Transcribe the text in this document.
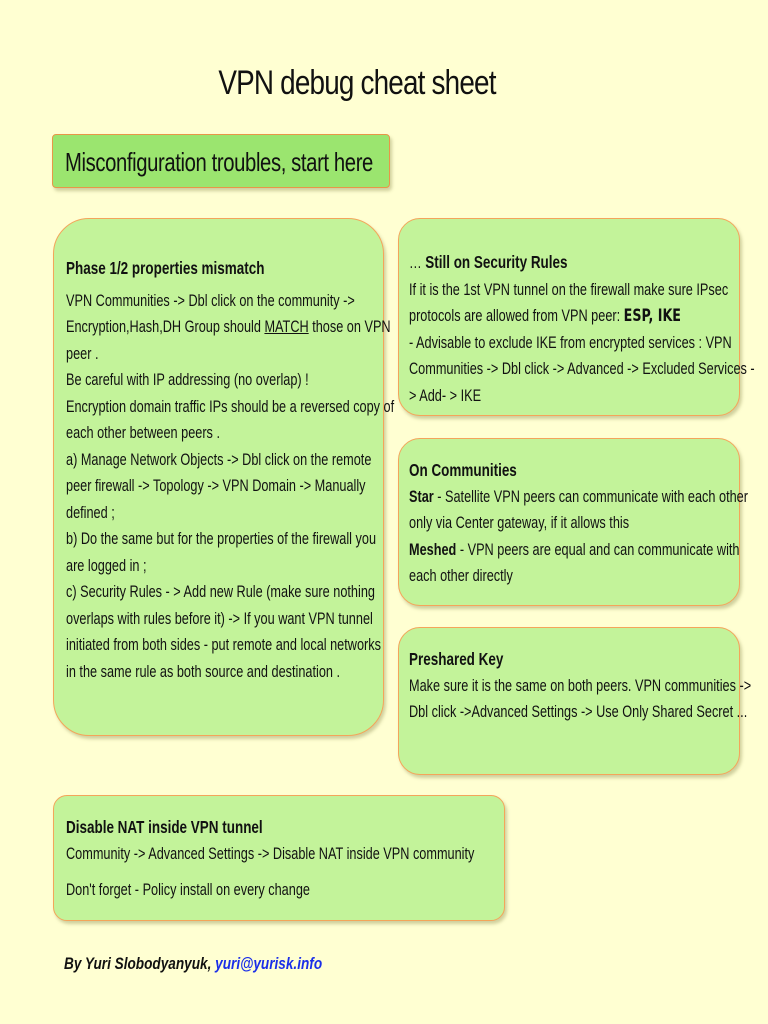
VPN debug cheat sheet
Misconfiguration troubles, start here
Phase 1/2 properties mismatch
VPN Communities -> Dbl click on the community ->
Encryption,Hash,DH Group should MATCH those on VPN
peer .
Be careful with IP addressing (no overlap) !
Encryption domain traffic IPs should be a reversed copy of
each other between peers .
a) Manage Network Objects -> Dbl click on the remote
peer firewall -> Topology -> VPN Domain -> Manually
defined ;
b) Do the same but for the properties of the firewall you
are logged in ;
c) Security Rules - > Add new Rule (make sure nothing
overlaps with rules before it) -> If you want VPN tunnel
initiated from both sides - put remote and local networks
in the same rule as both source and destination .
… Still on Security Rules
If it is the 1st VPN tunnel on the firewall make sure IPsec
protocols are allowed from VPN peer: ESP, IKE
- Advisable to exclude IKE from encrypted services : VPN
Communities -> Dbl click -> Advanced -> Excluded Services -
> Add- > IKE
On Communities
Star - Satellite VPN peers can communicate with each other
only via Center gateway, if it allows this
Meshed - VPN peers are equal and can communicate with
each other directly
Preshared Key
Make sure it is the same on both peers. VPN communities ->
Dbl click ->Advanced Settings -> Use Only Shared Secret ...
Disable NAT inside VPN tunnel
Community -> Advanced Settings -> Disable NAT inside VPN community
Don't forget - Policy install on every change
By Yuri Slobodyanyuk, yuri@yurisk.info
